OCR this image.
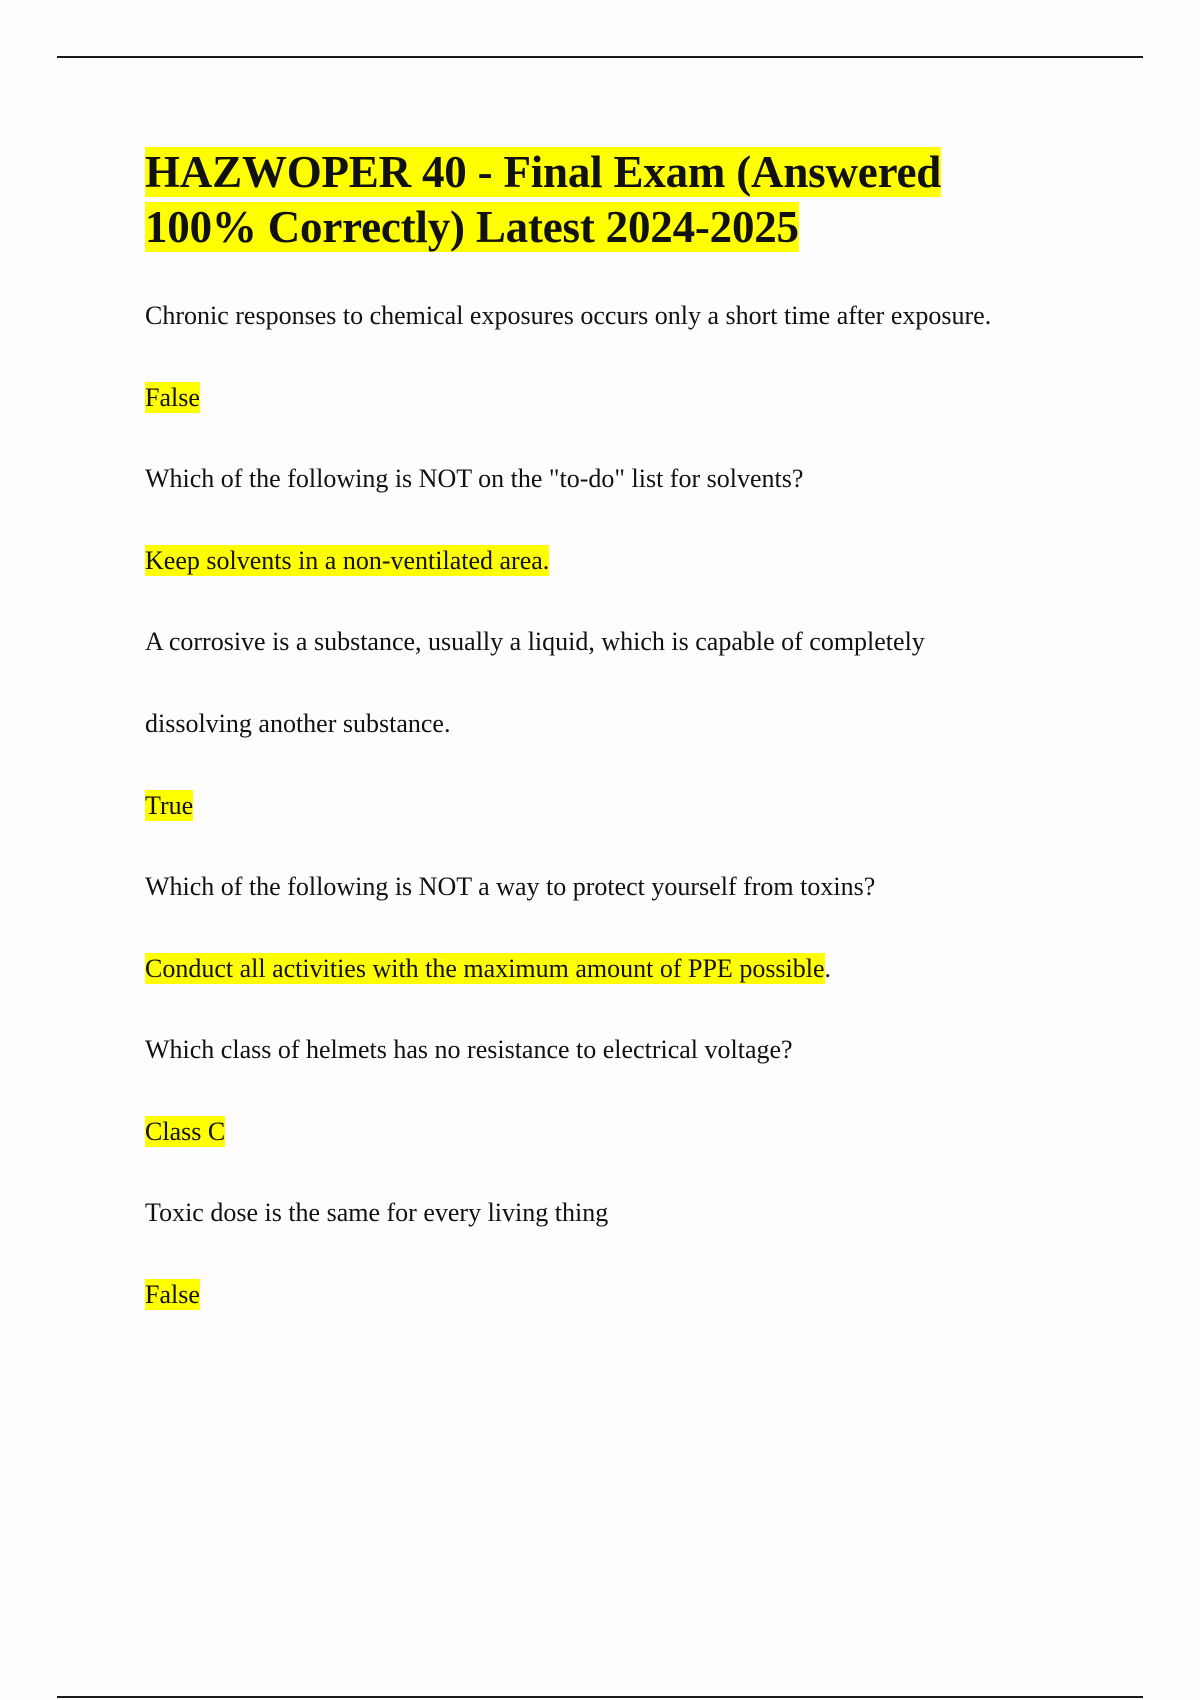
HAZWOPER 40 - Final Exam (Answered
100% Correctly) Latest 2024-2025

Chronic responses to chemical exposures occurs only a short time after exposure.

False

Which of the following is NOT on the "to-do" list for solvents?

Keep solvents in a non-ventilated area.

A corrosive is a substance, usually a liquid, which is capable of completely

dissolving another substance.

True

Which of the following is NOT a way to protect yourself from toxins?

Conduct all activities with the maximum amount of PPE possible.

Which class of helmets has no resistance to electrical voltage?

Class C

Toxic dose is the same for every living thing

False
